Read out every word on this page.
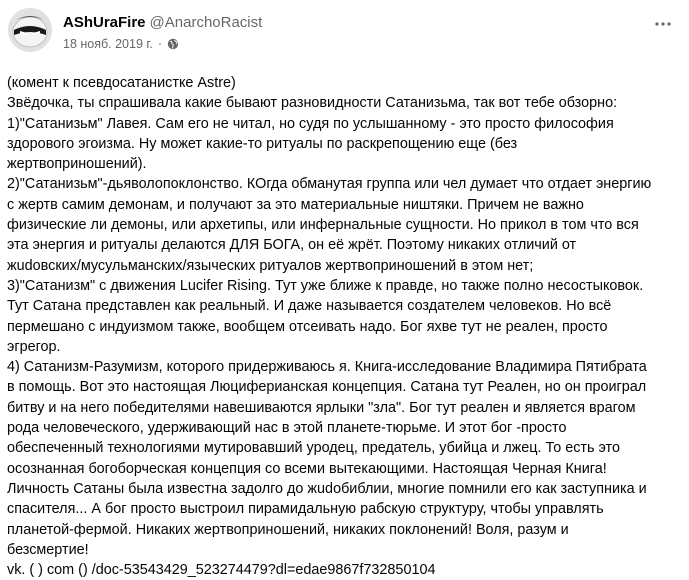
AShUraFire @AnarchoRacist
18 нояб. 2019 г. ·
(комент к псевдосатанистке Astre)
Звёдочка, ты спрашивала какие бывают разновидности Сатанизьма, так вот тебе обзорно:
1)"Сатанизьм" Лавея. Сам его не читал, но судя по услышанному - это просто философия
здорового эгоизма. Ну может какие-то ритуалы по раскрепощению еще (без
жертвоприношений).
2)"Сатанизьм"-дьяволопоклонство. КОгда обманутая группа или чел думает что отдает энергию
с жертв самим демонам, и получают за это материальные ништяки. Причем не важно
физические ли демоны, или архетипы, или инфернальные сущности. Но прикол в том что вся
эта энергия и ритуалы делаются ДЛЯ БОГА, он её жрёт. Поэтому никаких отличий от
жudовских/мусульманских/языческих ритуалов жертвоприношений в этом нет;
3)"Сатанизм" с движения Lucifer Rising. Тут уже ближе к правде, но также полно несостыковок.
Тут Сатана представлен как реальный. И даже называется создателем человеков. Но всё
пермешано с индуизмом также, вообщем отсеивать надо. Бог яхве тут не реален, просто
эгрегор.
4) Сатанизм-Разумизм, которого придерживаюсь я. Книга-исследование Владимира Пятибрата
в помощь. Вот это настоящая Люциферианская концепция. Сатана тут Реален, но он проиграл
битву и на него победителями навешиваются ярлыки "зла". Бог тут реален и является врагом
рода человеческого, удерживающий нас в этой планете-тюрьме. И этот бог -просто
обеспеченный технологиями мутировавший уродец, предатель, убийца и лжец. То есть это
осознанная богоборческая концепция со всеми вытекающими. Настоящая Черная Книга!
Личность Сатаны была известна задолго до жudoбиблии, многие помнили его как заступника и
спасителя... А бог просто выстроил пирамидальную рабскую структуру, чтобы управлять
планетой-фермой. Никаких жертвоприношений, никаких поклонений! Воля, разум и
безсмертие!
vk. ( ) com () /doc-53543429_523274479?dl=edae9867f732850104
